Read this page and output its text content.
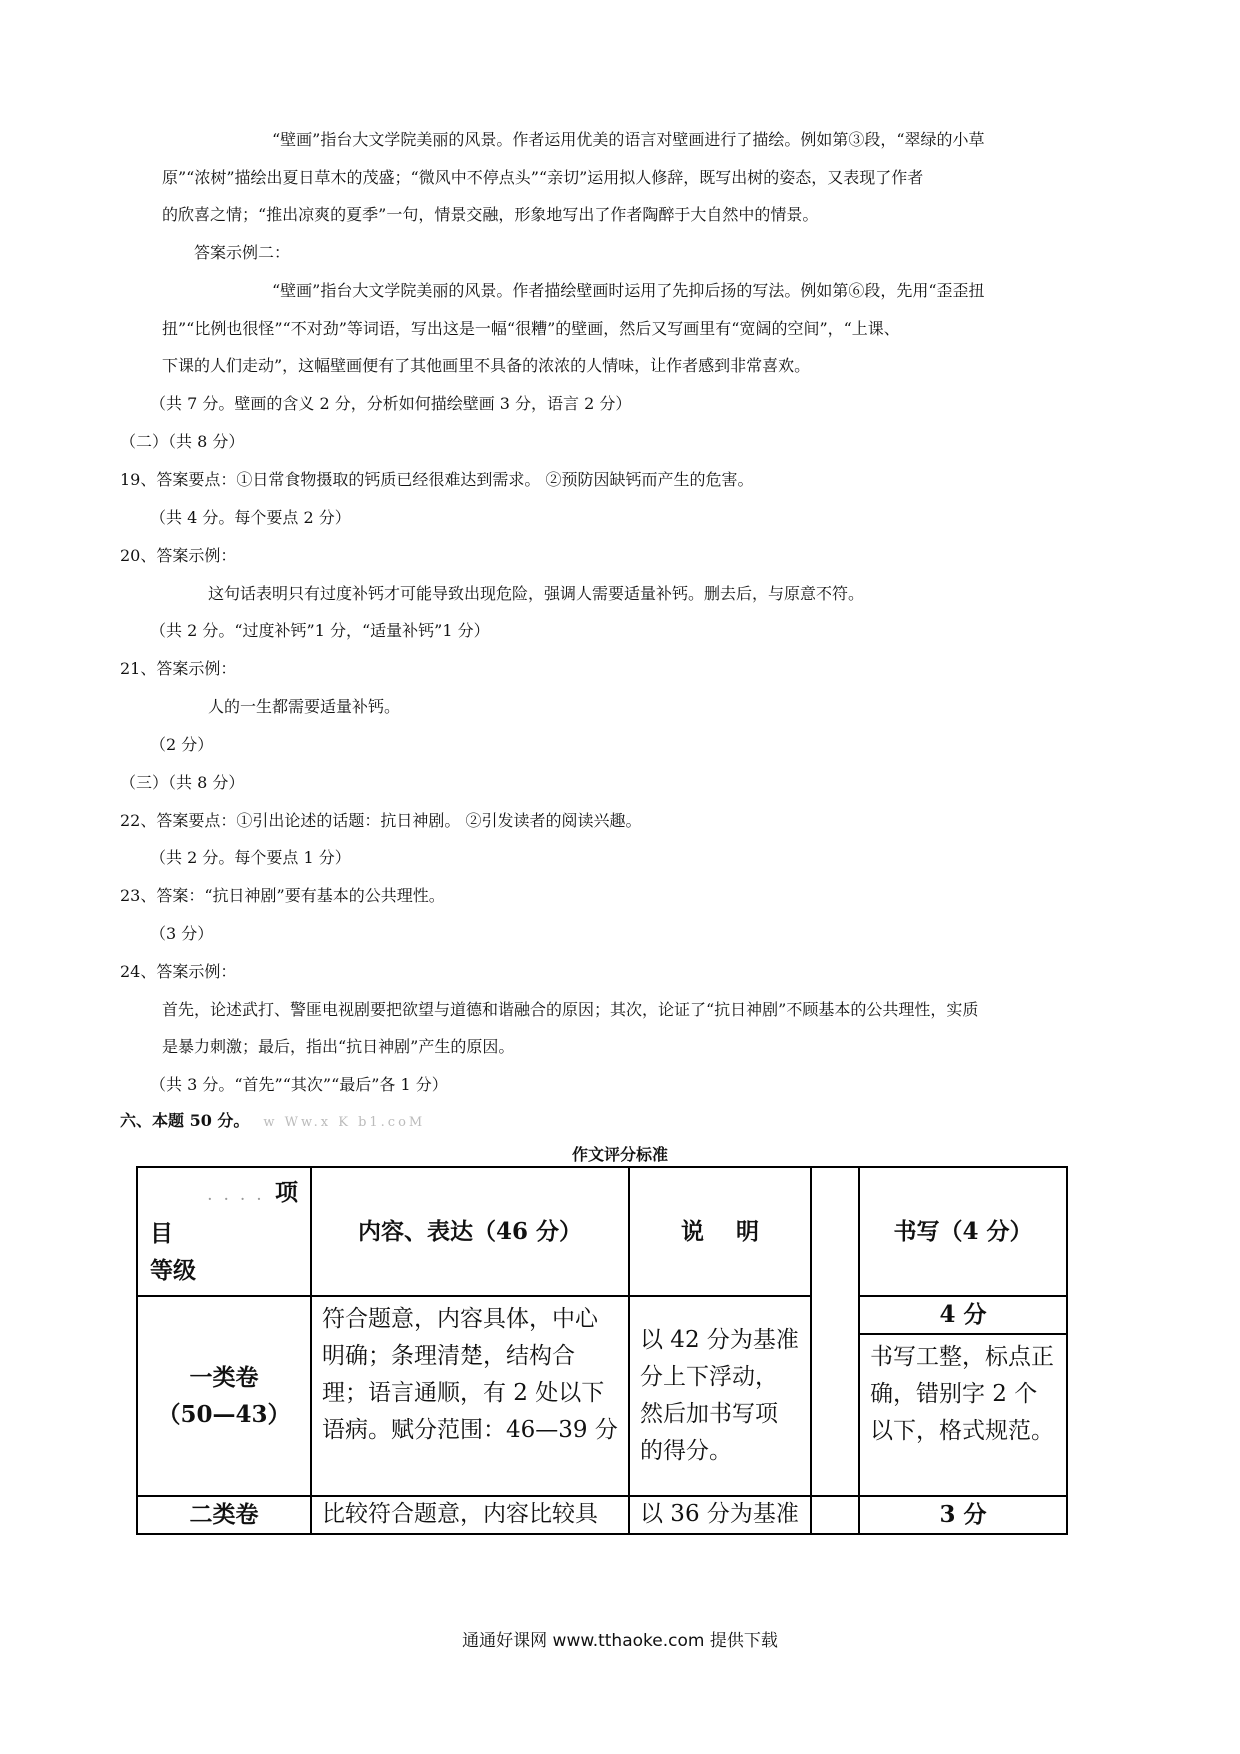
“壁画”指台大文学院美丽的风景。作者运用优美的语言对壁画进行了描绘。例如第③段，“翠绿的小草
原”“浓树”描绘出夏日草木的茂盛；“微风中不停点头”“亲切”运用拟人修辞，既写出树的姿态，又表现了作者
的欣喜之情；“推出凉爽的夏季”一句，情景交融，形象地写出了作者陶醉于大自然中的情景。
答案示例二：
“壁画”指台大文学院美丽的风景。作者描绘壁画时运用了先抑后扬的写法。例如第⑥段，先用“歪歪扭
扭”“比例也很怪”“不对劲”等词语，写出这是一幅“很糟”的壁画，然后又写画里有“宽阔的空间”，“上课、
下课的人们走动”，这幅壁画便有了其他画里不具备的浓浓的人情味，让作者感到非常喜欢。
（共 7 分。壁画的含义 2 分，分析如何描绘壁画 3 分，语言 2 分）
（二）（共 8 分）
19、答案要点：①日常食物摄取的钙质已经很难达到需求。 ②预防因缺钙而产生的危害。
（共 4 分。每个要点 2 分）
20、答案示例：
这句话表明只有过度补钙才可能导致出现危险，强调人需要适量补钙。删去后，与原意不符。
（共 2 分。“过度补钙”1 分，“适量补钙”1 分）
21、答案示例：
人的一生都需要适量补钙。
（2 分）
（三）（共 8 分）
22、答案要点：①引出论述的话题：抗日神剧。 ②引发读者的阅读兴趣。
（共 2 分。每个要点 1 分）
23、答案：“抗日神剧”要有基本的公共理性。
（3 分）
24、答案示例：
首先，论述武打、警匪电视剧要把欲望与道德和谐融合的原因；其次，论证了“抗日神剧”不顾基本的公共理性，实质
是暴力刺激；最后，指出“抗日神剧”产生的原因。
（共 3 分。“首先”“其次”“最后”各 1 分）
六、本题 50 分。 w Ww.x K b1.coM
作文评分标准
. . . . 项
目
等级	内容、表达（46 分）	说    明		书写（4 分）

一类卷
（50—43）	符合题意，内容具体，中心明确；条理清楚，结构合理；语言通顺，有 2 处以下语病。赋分范围：46—39 分	以 42 分为基准分上下浮动，然后加书写项的得分。		4 分
				书写工整，标点正确，错别字 2 个以下，格式规范。
二类卷	比较符合题意，内容比较具	以 36 分为基准		3 分
通通好课网 www.tthaoke.com 提供下载
